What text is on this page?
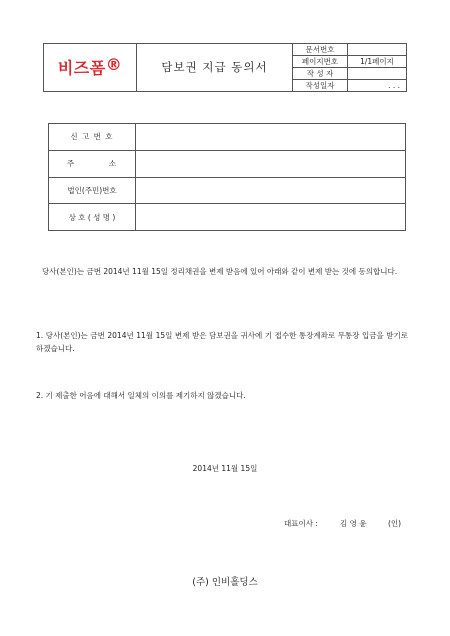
비즈폼®	담보권 지급 동의서	문서번호	
		페이지번호	1/1페이지
		작 성 자	
		작성일자	. . .
신 고 번 호	
주          소	
법인(주민)번호	
상 호 ( 성 명 )	
당사(본인)는 금번 2014년 11월 15일 정리채권을 변제 받음에 있어 아래와 같이 변제 받는 것에 동의합니다.
1. 당사(본인)는 금번 2014년 11월 15일 변제 받은 담보권을 귀사에 기 접수한 통장계좌로 무통장 입금을 받기로 하겠습니다.
2. 기 제출한 어음에 대해서 일체의 이의를 제기하지 않겠습니다.
2014년 11월 15일
대표이사 :	김 영 윤	(인)
(주) 인비홀딩스
